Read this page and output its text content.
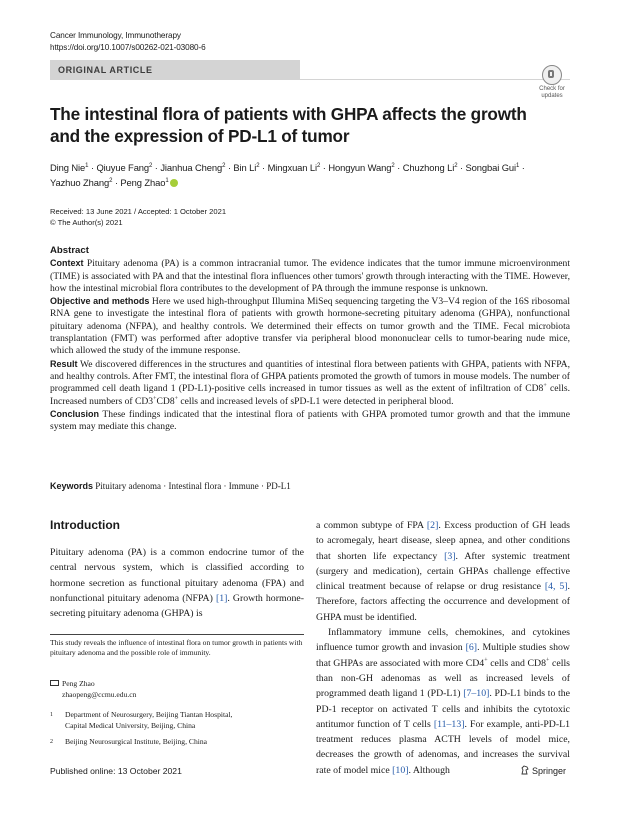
Cancer Immunology, Immunotherapy
https://doi.org/10.1007/s00262-021-03080-6
ORIGINAL ARTICLE
Check for
updates
The intestinal flora of patients with GHPA affects the growth
and the expression of PD-L1 of tumor
Ding Nie$^1$ · Qiuyue Fang$^2$ · Jianhua Cheng$^2$ · Bin $Li^2$ · Mingxuan $Li^2$ · Hongyun Wang$^2$ · Chuzhong $Li^2$ · Songbai Gui$^1$ ·
Yazhuo Zhang$^2$ · Peng Zhao$^1$
Received: 13 June 2021 / Accepted: 1 October 2021
© The Author(s) 2021
Abstract

Context Pituitary adenoma (PA) is a common intracranial tumor. The evidence indicates that the tumor immune microenvironment (TIME) is associated with PA and that the intestinal flora influences other tumors' growth through interacting with the TIME. However, how the intestinal microbial flora contributes to the development of PA through the immune response is unknown.

Objective and methods Here we used high-throughput Illumina MiSeq sequencing targeting the V3–V4 region of the 16S ribosomal RNA gene to investigate the intestinal flora of patients with growth hormone-secreting pituitary adenoma (GHPA), nonfunctional pituitary adenoma (NFPA), and healthy controls. We determined their effects on tumor growth and the TIME. Fecal microbiota transplantation (FMT) was performed after adoptive transfer via peripheral blood mononuclear cells to tumor-bearing nude mice, which allowed the study of the immune response.

Result We discovered differences in the structures and quantities of intestinal flora between patients with GHPA, patients with NFPA, and healthy controls. After FMT, the intestinal flora of GHPA patients promoted the growth of tumors in mouse models. The number of programmed cell death ligand 1 (PD-L1)-positive cells increased in tumor tissues as well as the extent of infiltration of CD8+ cells. Increased numbers of CD3+CD8+ cells and increased levels of sPD-L1 were detected in peripheral blood.

Conclusion These findings indicated that the intestinal flora of patients with GHPA promoted tumor growth and that the immune system may mediate this change.

Keywords Pituitary adenoma · Intestinal flora · Immune · PD-L1
Introduction

Pituitary adenoma (PA) is a common endocrine tumor of the central nervous system, which is classified according to hormone secretion as functional pituitary adenoma (FPA) and nonfunctional pituitary adenoma (NFPA) [1]. Growth hormone-secreting pituitary adenoma (GHPA) is

a common subtype of FPA [2]. Excess production of GH leads to acromegaly, heart disease, sleep apnea, and other conditions that shorten life expectancy [3]. After systemic treatment (surgery and medication), certain GHPAs challenge effective clinical treatment because of relapse or drug resistance [4, 5]. Therefore, factors affecting the occurrence and development of GHPA must be identified.

Inflammatory immune cells, chemokines, and cytokines influence tumor growth and invasion [6]. Multiple studies show that GHPAs are associated with more CD4+ cells and CD8+ cells than non-GH adenomas as well as increased levels of programmed death ligand 1 (PD-L1) [7–10]. PD-L1 binds to the PD-1 receptor on activated T cells and inhibits the cytotoxic antitumor function of T cells [11–13]. For example, anti-PD-L1 treatment reduces plasma ACTH levels of model mice, decreases the growth of adenomas, and increases the survival rate of model mice [10]. Although

This study reveals the influence of intestinal flora on tumor growth in patients with pituitary adenoma and the possible role of immunity.
Peng Zhao
zhaopeng@ccmu.edu.cn
1 Department of Neurosurgery, Beijing Tiantan Hospital,
Capital Medical University, Beijing, China
2 Beijing Neurosurgical Institute, Beijing, China
Published online: 13 October 2021	Springer
